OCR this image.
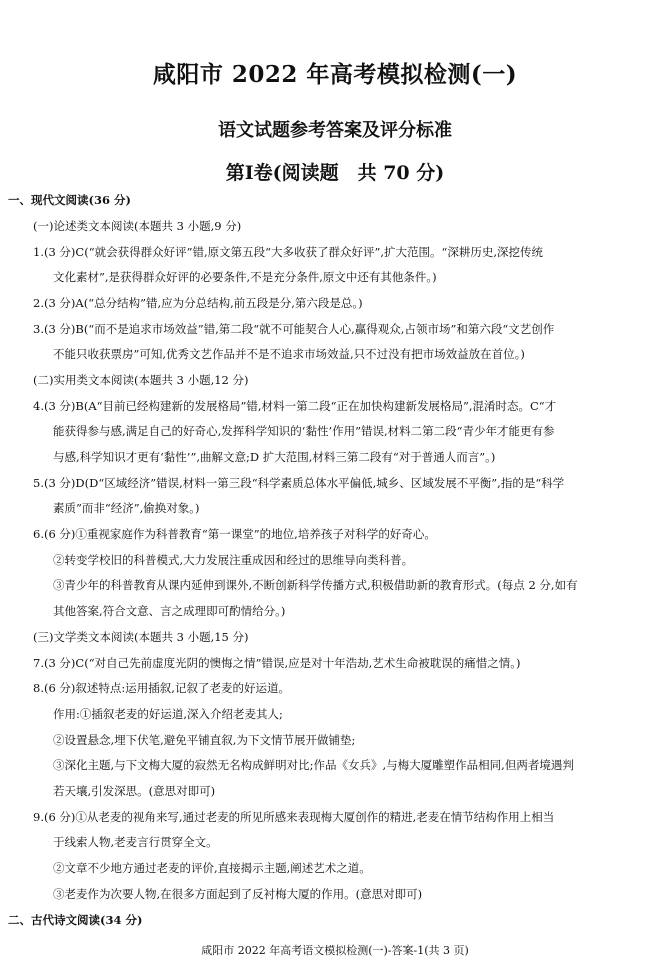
咸阳市 2022 年高考模拟检测(一)
语文试题参考答案及评分标准
第Ⅰ卷(阅读题　共 70 分)
一、现代文阅读(36 分)
(一)论述类文本阅读(本题共 3 小题,9 分)
1.(3 分)C(“就会获得群众好评”错,原文第五段“大多收获了群众好评”,扩大范围。“深耕历史,深挖传统
文化素材”,是获得群众好评的必要条件,不是充分条件,原文中还有其他条件。)
2.(3 分)A(“总分结构”错,应为分总结构,前五段是分,第六段是总。)
3.(3 分)B(“而不是追求市场效益”错,第二段“就不可能契合人心,赢得观众,占领市场”和第六段“文艺创作
不能只收获票房”可知,优秀文艺作品并不是不追求市场效益,只不过没有把市场效益放在首位。)
(二)实用类文本阅读(本题共 3 小题,12 分)
4.(3 分)B(A“目前已经构建新的发展格局”错,材料一第二段“正在加快构建新发展格局”,混淆时态。C“才
能获得参与感,满足自己的好奇心,发挥科学知识的‘黏性’作用”错误,材料二第二段“青少年才能更有参
与感,科学知识才更有‘黏性’”,曲解文意;D 扩大范围,材料三第二段有“对于普通人而言”。)
5.(3 分)D(D“区域经济”错误,材料一第三段“科学素质总体水平偏低,城乡、区域发展不平衡”,指的是“科学
素质”而非“经济”,偷换对象。)
6.(6 分)①重视家庭作为科普教育“第一课堂”的地位,培养孩子对科学的好奇心。
②转变学校旧的科普模式,大力发展注重成因和经过的思维导向类科普。
③青少年的科普教育从课内延伸到课外,不断创新科学传播方式,积极借助新的教育形式。(每点 2 分,如有
其他答案,符合文意、言之成理即可酌情给分。)
(三)文学类文本阅读(本题共 3 小题,15 分)
7.(3 分)C(“对自己先前虚度光阴的懊悔之情”错误,应是对十年浩劫,艺术生命被耽误的痛惜之情。)
8.(6 分)叙述特点:运用插叙,记叙了老麦的好运道。
作用:①插叙老麦的好运道,深入介绍老麦其人;
②设置悬念,埋下伏笔,避免平铺直叙,为下文情节展开做铺垫;
③深化主题,与下文梅大厦的寂然无名构成鲜明对比;作品《女兵》,与梅大厦雕塑作品相同,但两者境遇判
若天壤,引发深思。(意思对即可)
9.(6 分)①从老麦的视角来写,通过老麦的所见所感来表现梅大厦创作的精进,老麦在情节结构作用上相当
于线索人物,老麦言行贯穿全文。
②文章不少地方通过老麦的评价,直接揭示主题,阐述艺术之道。
③老麦作为次要人物,在很多方面起到了反衬梅大厦的作用。(意思对即可)
二、古代诗文阅读(34 分)
咸阳市 2022 年高考语文模拟检测(一)-答案-1(共 3 页)
